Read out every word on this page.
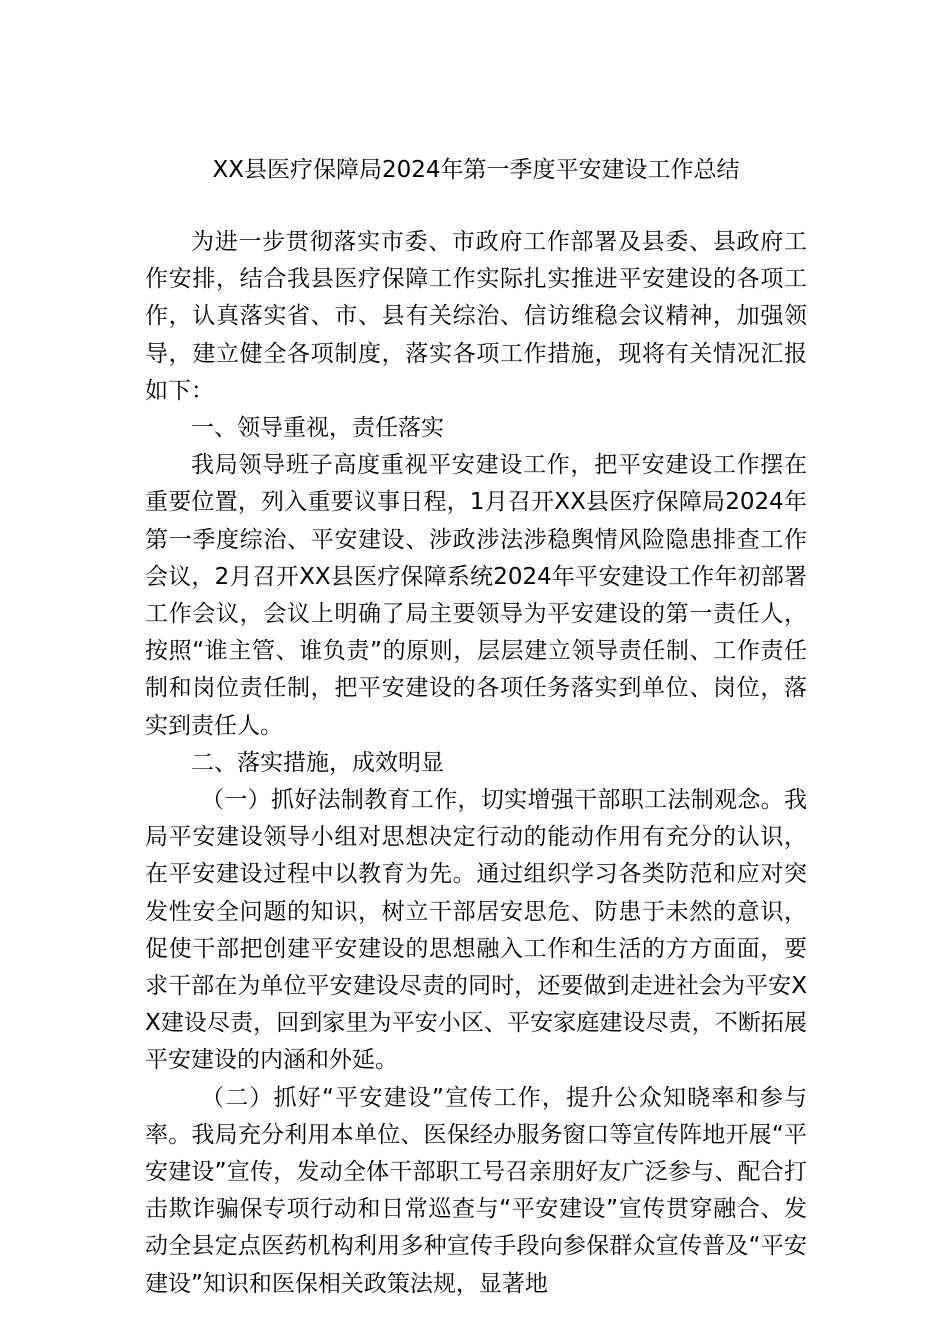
XX县医疗保障局2024年第一季度平安建设工作总结

为进一步贯彻落实市委、市政府工作部署及县委、县政府工作安排，结合我县医疗保障工作实际扎实推进平安建设的各项工作，认真落实省、市、县有关综治、信访维稳会议精神，加强领导，建立健全各项制度，落实各项工作措施，现将有关情况汇报如下：

一、领导重视，责任落实

我局领导班子高度重视平安建设工作，把平安建设工作摆在重要位置，列入重要议事日程，1月召开XX县医疗保障局2024年第一季度综治、平安建设、涉政涉法涉稳舆情风险隐患排查工作会议，2月召开XX县医疗保障系统2024年平安建设工作年初部署工作会议，会议上明确了局主要领导为平安建设的第一责任人，按照“谁主管、谁负责”的原则，层层建立领导责任制、工作责任制和岗位责任制，把平安建设的各项任务落实到单位、岗位，落实到责任人。

二、落实措施，成效明显

（一）抓好法制教育工作，切实增强干部职工法制观念。我局平安建设领导小组对思想决定行动的能动作用有充分的认识，在平安建设过程中以教育为先。通过组织学习各类防范和应对突发性安全问题的知识，树立干部居安思危、防患于未然的意识，促使干部把创建平安建设的思想融入工作和生活的方方面面，要求干部在为单位平安建设尽责的同时，还要做到走进社会为平安XX建设尽责，回到家里为平安小区、平安家庭建设尽责，不断拓展平安建设的内涵和外延。

（二）抓好“平安建设”宣传工作，提升公众知晓率和参与率。我局充分利用本单位、医保经办服务窗口等宣传阵地开展“平安建设”宣传，发动全体干部职工号召亲朋好友广泛参与、配合打击欺诈骗保专项行动和日常巡查与“平安建设”宣传贯穿融合、发动全县定点医药机构利用多种宣传手段向参保群众宣传普及“平安建设”知识和医保相关政策法规，显著地
